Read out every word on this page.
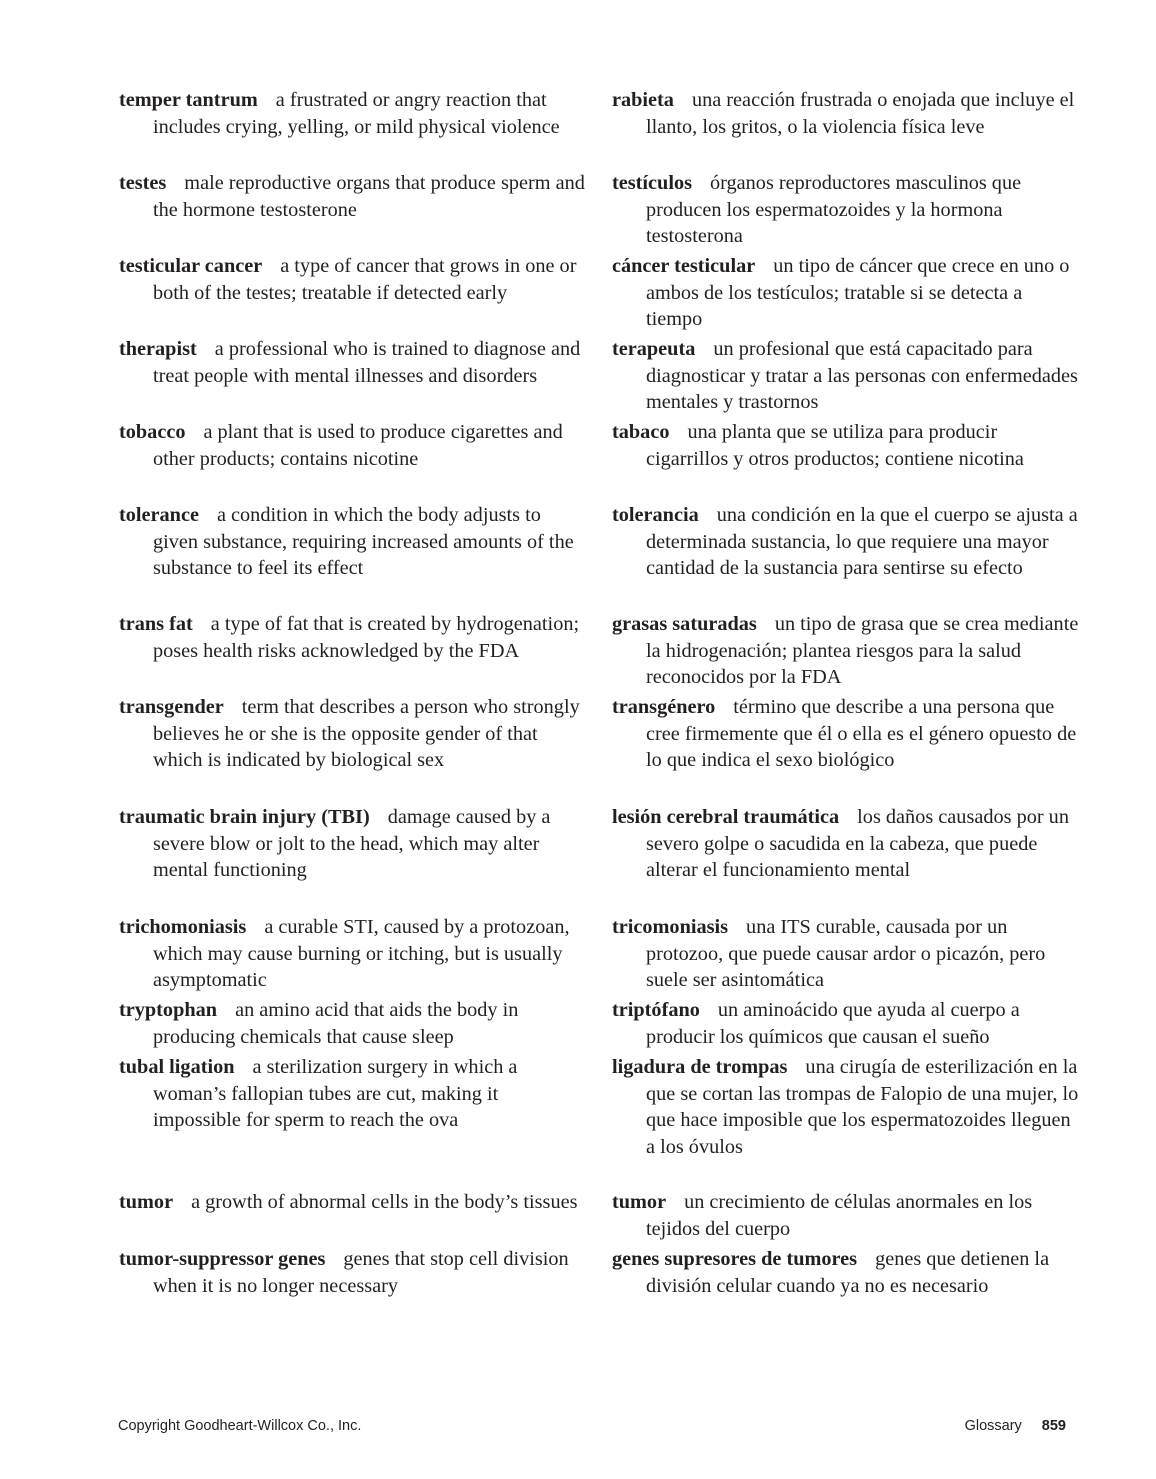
temper tantrum a frustrated or angry reaction that includes crying, yelling, or mild physical violence

testes male reproductive organs that produce sperm and the hormone testosterone

testicular cancer a type of cancer that grows in one or both of the testes; treatable if detected early

therapist a professional who is trained to diagnose and treat people with mental illnesses and disorders

tobacco a plant that is used to produce cigarettes and other products; contains nicotine

tolerance a condition in which the body adjusts to given substance, requiring increased amounts of the substance to feel its effect

trans fat a type of fat that is created by hydrogenation; poses health risks acknowledged by the FDA

transgender term that describes a person who strongly believes he or she is the opposite gender of that which is indicated by biological sex

traumatic brain injury (TBI) damage caused by a severe blow or jolt to the head, which may alter mental functioning

trichomoniasis a curable STI, caused by a protozoan, which may cause burning or itching, but is usually asymptomatic

tryptophan an amino acid that aids the body in producing chemicals that cause sleep

tubal ligation a sterilization surgery in which a woman’s fallopian tubes are cut, making it impossible for sperm to reach the ova

tumor a growth of abnormal cells in the body’s tissues

tumor-suppressor genes genes that stop cell division when it is no longer necessary

rabieta una reacción frustrada o enojada que incluye el llanto, los gritos, o la violencia física leve

testículos órganos reproductores masculinos que producen los espermatozoides y la hormona testosterona

cáncer testicular un tipo de cáncer que crece en uno o ambos de los testículos; tratable si se detecta a tiempo

terapeuta un profesional que está capacitado para diagnosticar y tratar a las personas con enfermedades mentales y trastornos

tabaco una planta que se utiliza para producir cigarrillos y otros productos; contiene nicotina

tolerancia una condición en la que el cuerpo se ajusta a determinada sustancia, lo que requiere una mayor cantidad de la sustancia para sentirse su efecto

grasas saturadas un tipo de grasa que se crea mediante la hidrogenación; plantea riesgos para la salud reconocidos por la FDA

transgénero término que describe a una persona que cree firmemente que él o ella es el género opuesto de lo que indica el sexo biológico

lesión cerebral traumática los daños causados por un severo golpe o sacudida en la cabeza, que puede alterar el funcionamiento mental

tricomoniasis una ITS curable, causada por un protozoo, que puede causar ardor o picazón, pero suele ser asintomática

triptófano un aminoácido que ayuda al cuerpo a producir los químicos que causan el sueño

ligadura de trompas una cirugía de esterilización en la que se cortan las trompas de Falopio de una mujer, lo que hace imposible que los espermatozoides lleguen a los óvulos

tumor un crecimiento de células anormales en los tejidos del cuerpo

genes supresores de tumores genes que detienen la división celular cuando ya no es necesario

Copyright Goodheart-Willcox Co., Inc.	Glossary 859
